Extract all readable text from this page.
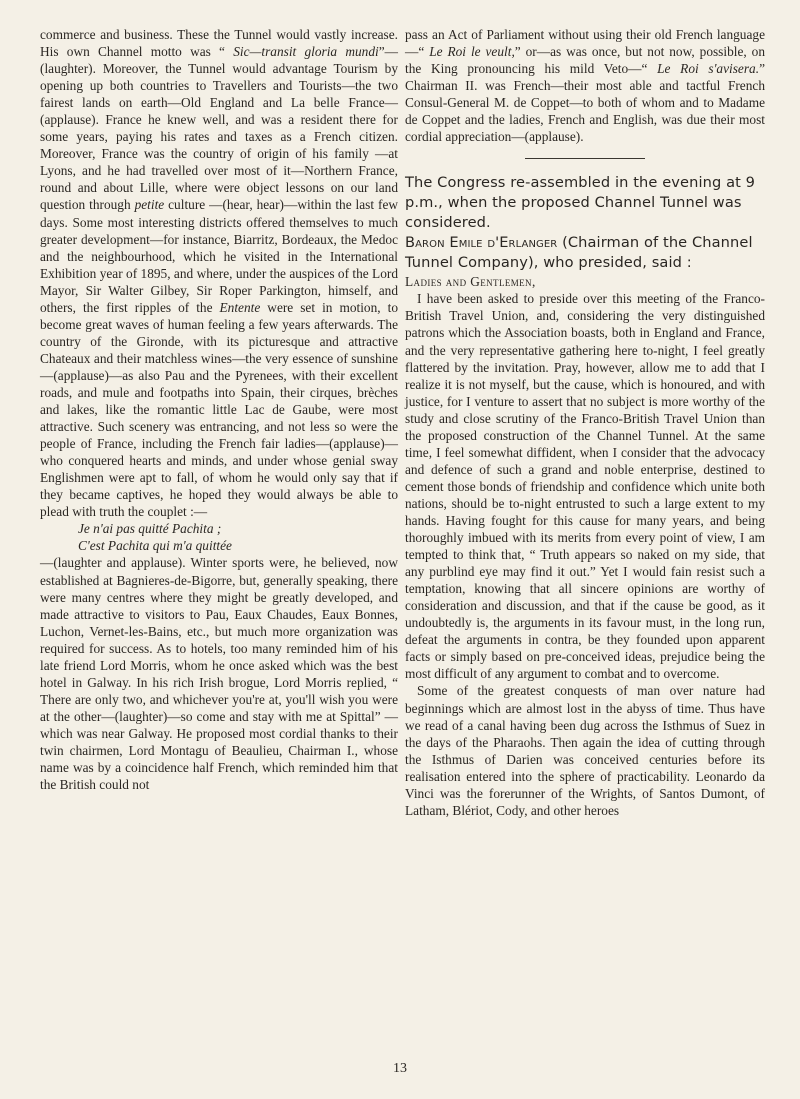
commerce and business. These the Tunnel would vastly increase. His own Channel motto was “ Sic—transit gloria mundi”—(laughter). Moreover, the Tunnel would advantage Tourism by opening up both countries to Travellers and Tourists—the two fairest lands on earth—Old England and La belle France—(applause). France he knew well, and was a resident there for some years, paying his rates and taxes as a French citizen. Moreover, France was the country of origin of his family —at Lyons, and he had travelled over most of it—Northern France, round and about Lille, where were object lessons on our land question through petite culture —(hear, hear)—within the last few days. Some most interesting districts offered themselves to much greater development—for instance, Biarritz, Bordeaux, the Medoc and the neighbourhood, which he visited in the International Exhibition year of 1895, and where, under the auspices of the Lord Mayor, Sir Walter Gilbey, Sir Roper Parkington, himself, and others, the first ripples of the Entente were set in motion, to become great waves of human feeling a few years afterwards. The country of the Gironde, with its picturesque and attractive Chateaux and their matchless wines—the very essence of sunshine—(applause)—as also Pau and the Pyrenees, with their excellent roads, and mule and footpaths into Spain, their cirques, brèches and lakes, like the romantic little Lac de Gaube, were most attractive. Such scenery was entrancing, and not less so were the people of France, including the French fair ladies—(applause)—who conquered hearts and minds, and under whose genial sway Englishmen were apt to fall, of whom he would only say that if they became captives, he hoped they would always be able to plead with truth the couplet :—

Je n'ai pas quitté Pachita ;

C'est Pachita qui m'a quittée

—(laughter and applause). Winter sports were, he believed, now established at Bagnieres-de-Bigorre, but, generally speaking, there were many centres where they might be greatly developed, and made attractive to visitors to Pau, Eaux Chaudes, Eaux Bonnes, Luchon, Vernet-les-Bains, etc., but much more organization was required for success. As to hotels, too many reminded him of his late friend Lord Morris, whom he once asked which was the best hotel in Galway. In his rich Irish brogue, Lord Morris replied, “ There are only two, and whichever you're at, you'll wish you were at the other—(laughter)—so come and stay with me at Spittal” —which was near Galway. He proposed most cordial thanks to their twin chairmen, Lord Montagu of Beaulieu, Chairman I., whose name was by a coincidence half French, which reminded him that the British could not

pass an Act of Parliament without using their old French language—“ Le Roi le veult,” or—as was once, but not now, possible, on the King pronouncing his mild Veto—“ Le Roi s'avisera.” Chairman II. was French—their most able and tactful French Consul-General M. de Coppet—to both of whom and to Madame de Coppet and the ladies, French and English, was due their most cordial appreciation—(applause).

The Congress re-assembled in the evening at 9 p.m., when the proposed Channel Tunnel was considered.

Baron Emile d'Erlanger (Chairman of the Channel Tunnel Company), who presided, said :

Ladies and Gentlemen,

I have been asked to preside over this meeting of the Franco-British Travel Union, and, considering the very distinguished patrons which the Association boasts, both in England and France, and the very representative gathering here to-night, I feel greatly flattered by the invitation. Pray, however, allow me to add that I realize it is not myself, but the cause, which is honoured, and with justice, for I venture to assert that no subject is more worthy of the study and close scrutiny of the Franco-British Travel Union than the proposed construction of the Channel Tunnel. At the same time, I feel somewhat diffident, when I consider that the advocacy and defence of such a grand and noble enterprise, destined to cement those bonds of friendship and confidence which unite both nations, should be to-night entrusted to such a large extent to my hands. Having fought for this cause for many years, and being thoroughly imbued with its merits from every point of view, I am tempted to think that, “ Truth appears so naked on my side, that any purblind eye may find it out.” Yet I would fain resist such a temptation, knowing that all sincere opinions are worthy of consideration and discussion, and that if the cause be good, as it undoubtedly is, the arguments in its favour must, in the long run, defeat the arguments in contra, be they founded upon apparent facts or simply based on pre-conceived ideas, prejudice being the most difficult of any argument to combat and to overcome.

Some of the greatest conquests of man over nature had beginnings which are almost lost in the abyss of time. Thus have we read of a canal having been dug across the Isthmus of Suez in the days of the Pharaohs. Then again the idea of cutting through the Isthmus of Darien was conceived centuries before its realisation entered into the sphere of practicability. Leonardo da Vinci was the forerunner of the Wrights, of Santos Dumont, of Latham, Blériot, Cody, and other heroes

13
